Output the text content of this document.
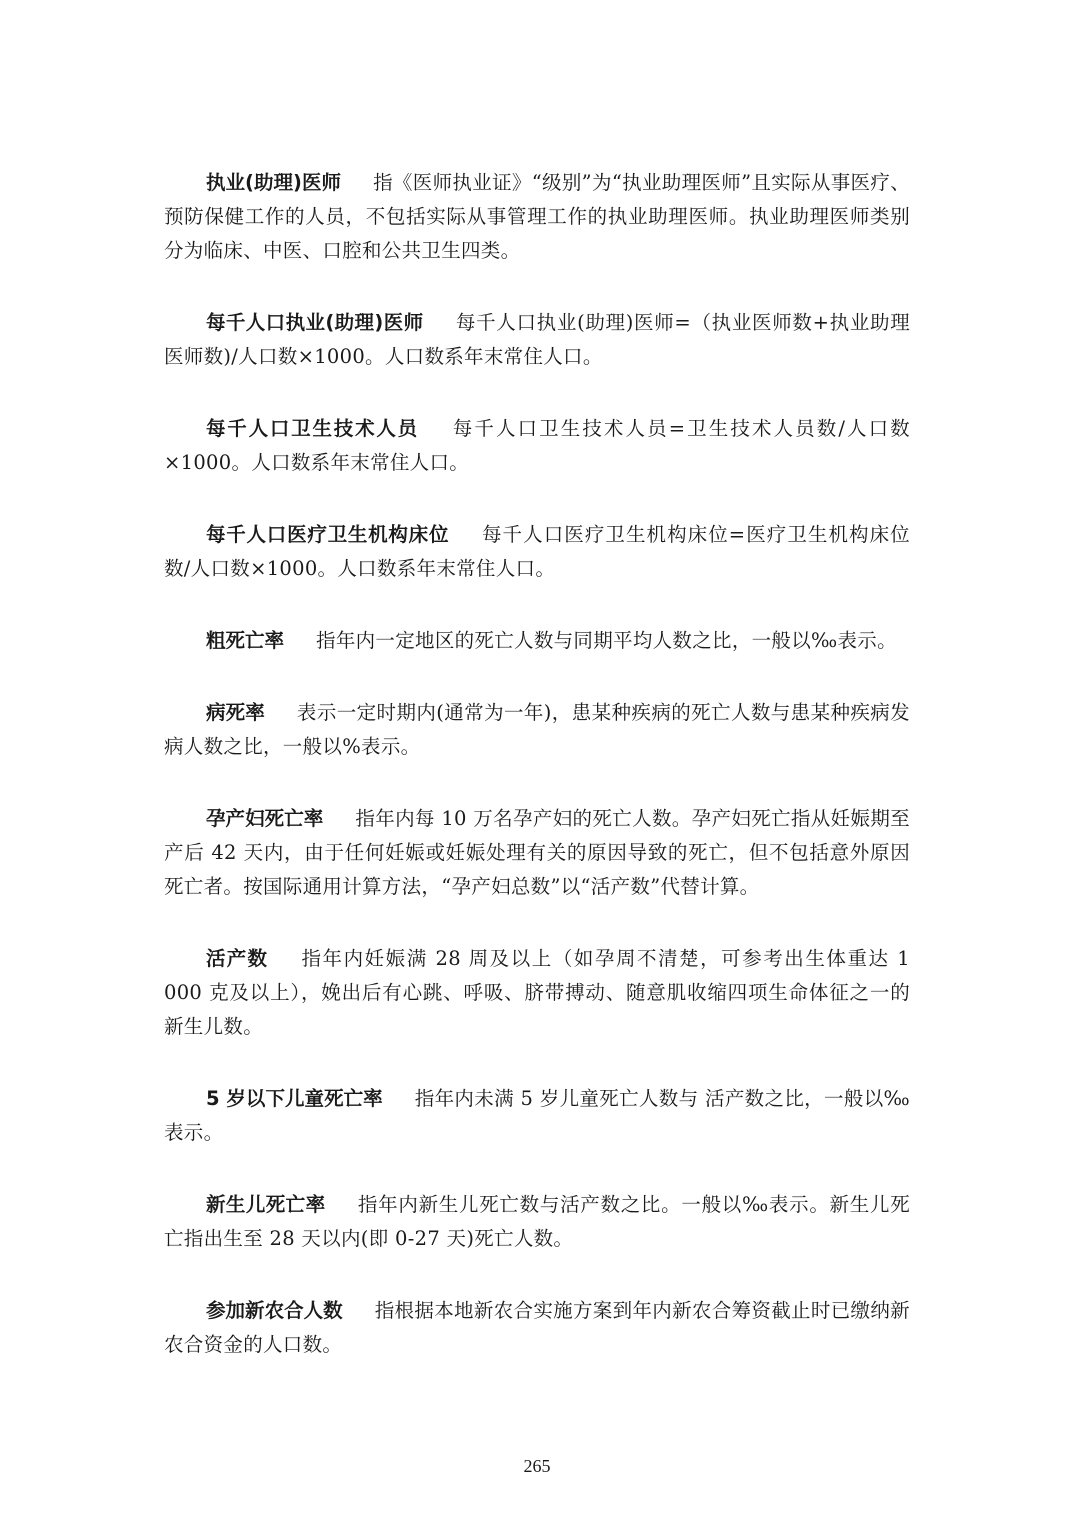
执业(助理)医师 指《医师执业证》“级别”为“执业助理医师”且实际从事医疗、预防保健工作的人员，不包括实际从事管理工作的执业助理医师。执业助理医师类别分为临床、中医、口腔和公共卫生四类。

每千人口执业(助理)医师 每千人口执业(助理)医师=（执业医师数+执业助理医师数)/人口数×1000。人口数系年末常住人口。

每千人口卫生技术人员 每千人口卫生技术人员=卫生技术人员数/人口数×1000。人口数系年末常住人口。

每千人口医疗卫生机构床位 每千人口医疗卫生机构床位=医疗卫生机构床位数/人口数×1000。人口数系年末常住人口。

粗死亡率 指年内一定地区的死亡人数与同期平均人数之比，一般以‰表示。

病死率 表示一定时期内(通常为一年)，患某种疾病的死亡人数与患某种疾病发病人数之比，一般以%表示。

孕产妇死亡率 指年内每 10 万名孕产妇的死亡人数。孕产妇死亡指从妊娠期至产后 42 天内，由于任何妊娠或妊娠处理有关的原因导致的死亡，但不包括意外原因死亡者。按国际通用计算方法，“孕产妇总数”以“活产数”代替计算。

活产数 指年内妊娠满 28 周及以上（如孕周不清楚，可参考出生体重达 1 000 克及以上），娩出后有心跳、呼吸、脐带搏动、随意肌收缩四项生命体征之一的新生儿数。

5 岁以下儿童死亡率 指年内未满 5 岁儿童死亡人数与 活产数之比，一般以‰表示。

新生儿死亡率 指年内新生儿死亡数与活产数之比。一般以‰表示。新生儿死亡指出生至 28 天以内(即 0-27 天)死亡人数。

参加新农合人数 指根据本地新农合实施方案到年内新农合筹资截止时已缴纳新农合资金的人口数。

265
